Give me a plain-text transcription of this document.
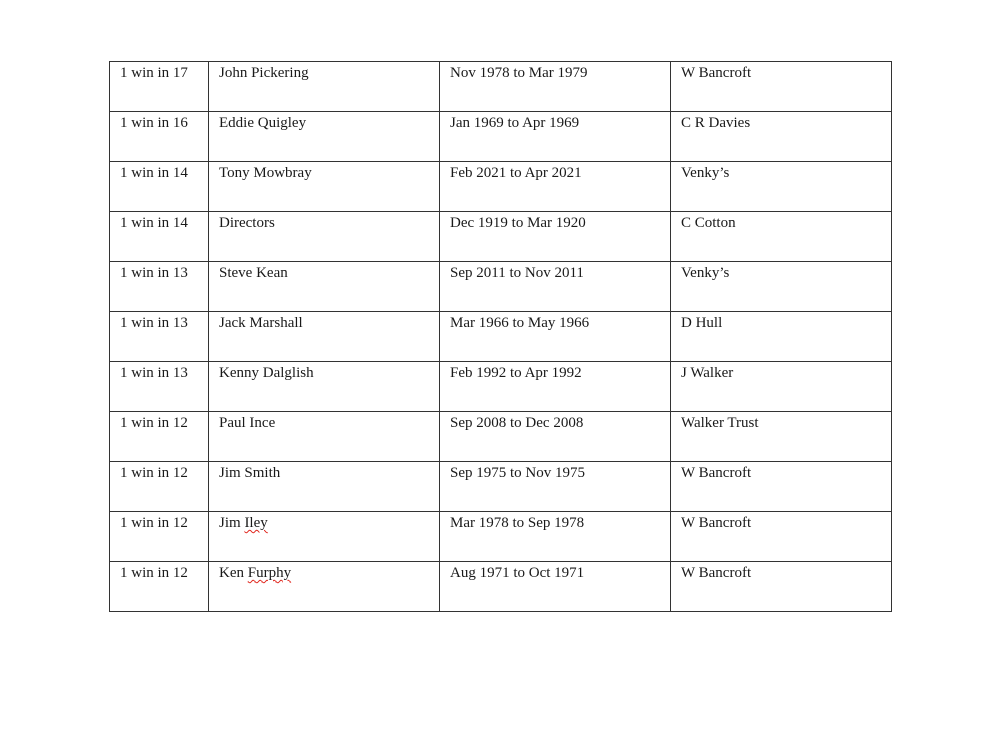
1 win in 17	John Pickering	Nov 1978 to Mar 1979	W Bancroft
1 win in 16	Eddie Quigley	Jan 1969 to Apr 1969	C R Davies
1 win in 14	Tony Mowbray	Feb 2021 to Apr 2021	Venky’s
1 win in 14	Directors	Dec 1919 to Mar 1920	C Cotton
1 win in 13	Steve Kean	Sep 2011 to Nov 2011	Venky’s
1 win in 13	Jack Marshall	Mar 1966 to May 1966	D Hull
1 win in 13	Kenny Dalglish	Feb 1992 to Apr 1992	J Walker
1 win in 12	Paul Ince	Sep 2008 to Dec 2008	Walker Trust
1 win in 12	Jim Smith	Sep 1975 to Nov 1975	W Bancroft
1 win in 12	Jim Iley	Mar 1978 to Sep 1978	W Bancroft
1 win in 12	Ken Furphy	Aug 1971 to Oct 1971	W Bancroft
